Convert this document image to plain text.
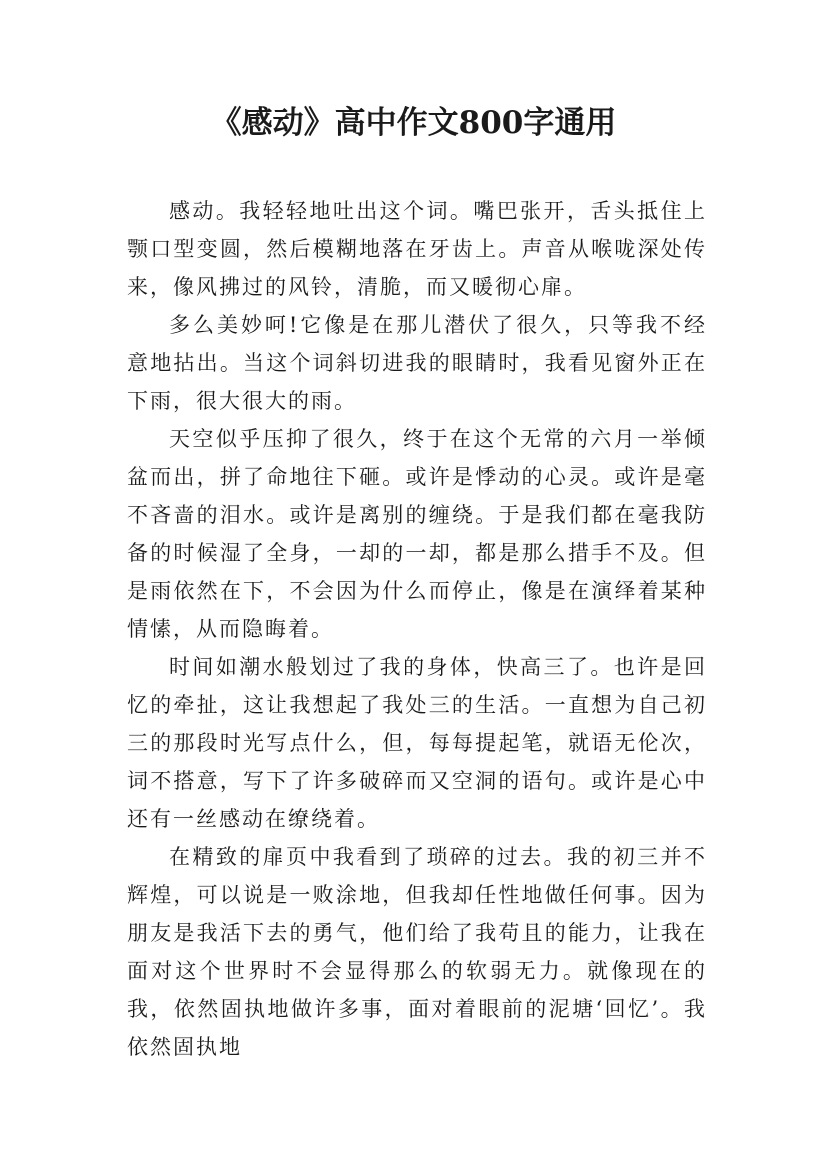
《感动》高中作文800字通用

感动。我轻轻地吐出这个词。嘴巴张开，舌头抵住上颚口型变圆，然后模糊地落在牙齿上。声音从喉咙深处传来，像风拂过的风铃，清脆，而又暖彻心扉。

多么美妙呵!它像是在那儿潜伏了很久，只等我不经意地拈出。当这个词斜切进我的眼睛时，我看见窗外正在下雨，很大很大的雨。

天空似乎压抑了很久，终于在这个无常的六月一举倾盆而出，拼了命地往下砸。或许是悸动的心灵。或许是毫不吝啬的泪水。或许是离别的缠绕。于是我们都在毫我防备的时候湿了全身，一却的一却，都是那么措手不及。但是雨依然在下，不会因为什么而停止，像是在演绎着某种情愫，从而隐晦着。

时间如潮水般划过了我的身体，快高三了。也许是回忆的牵扯，这让我想起了我处三的生活。一直想为自己初三的那段时光写点什么，但，每每提起笔，就语无伦次，词不搭意，写下了许多破碎而又空洞的语句。或许是心中还有一丝感动在缭绕着。

在精致的扉页中我看到了琐碎的过去。我的初三并不辉煌，可以说是一败涂地，但我却任性地做任何事。因为朋友是我活下去的勇气，他们给了我苟且的能力，让我在面对这个世界时不会显得那么的软弱无力。就像现在的我，依然固执地做许多事，面对着眼前的泥塘‘回忆’。我依然固执地
